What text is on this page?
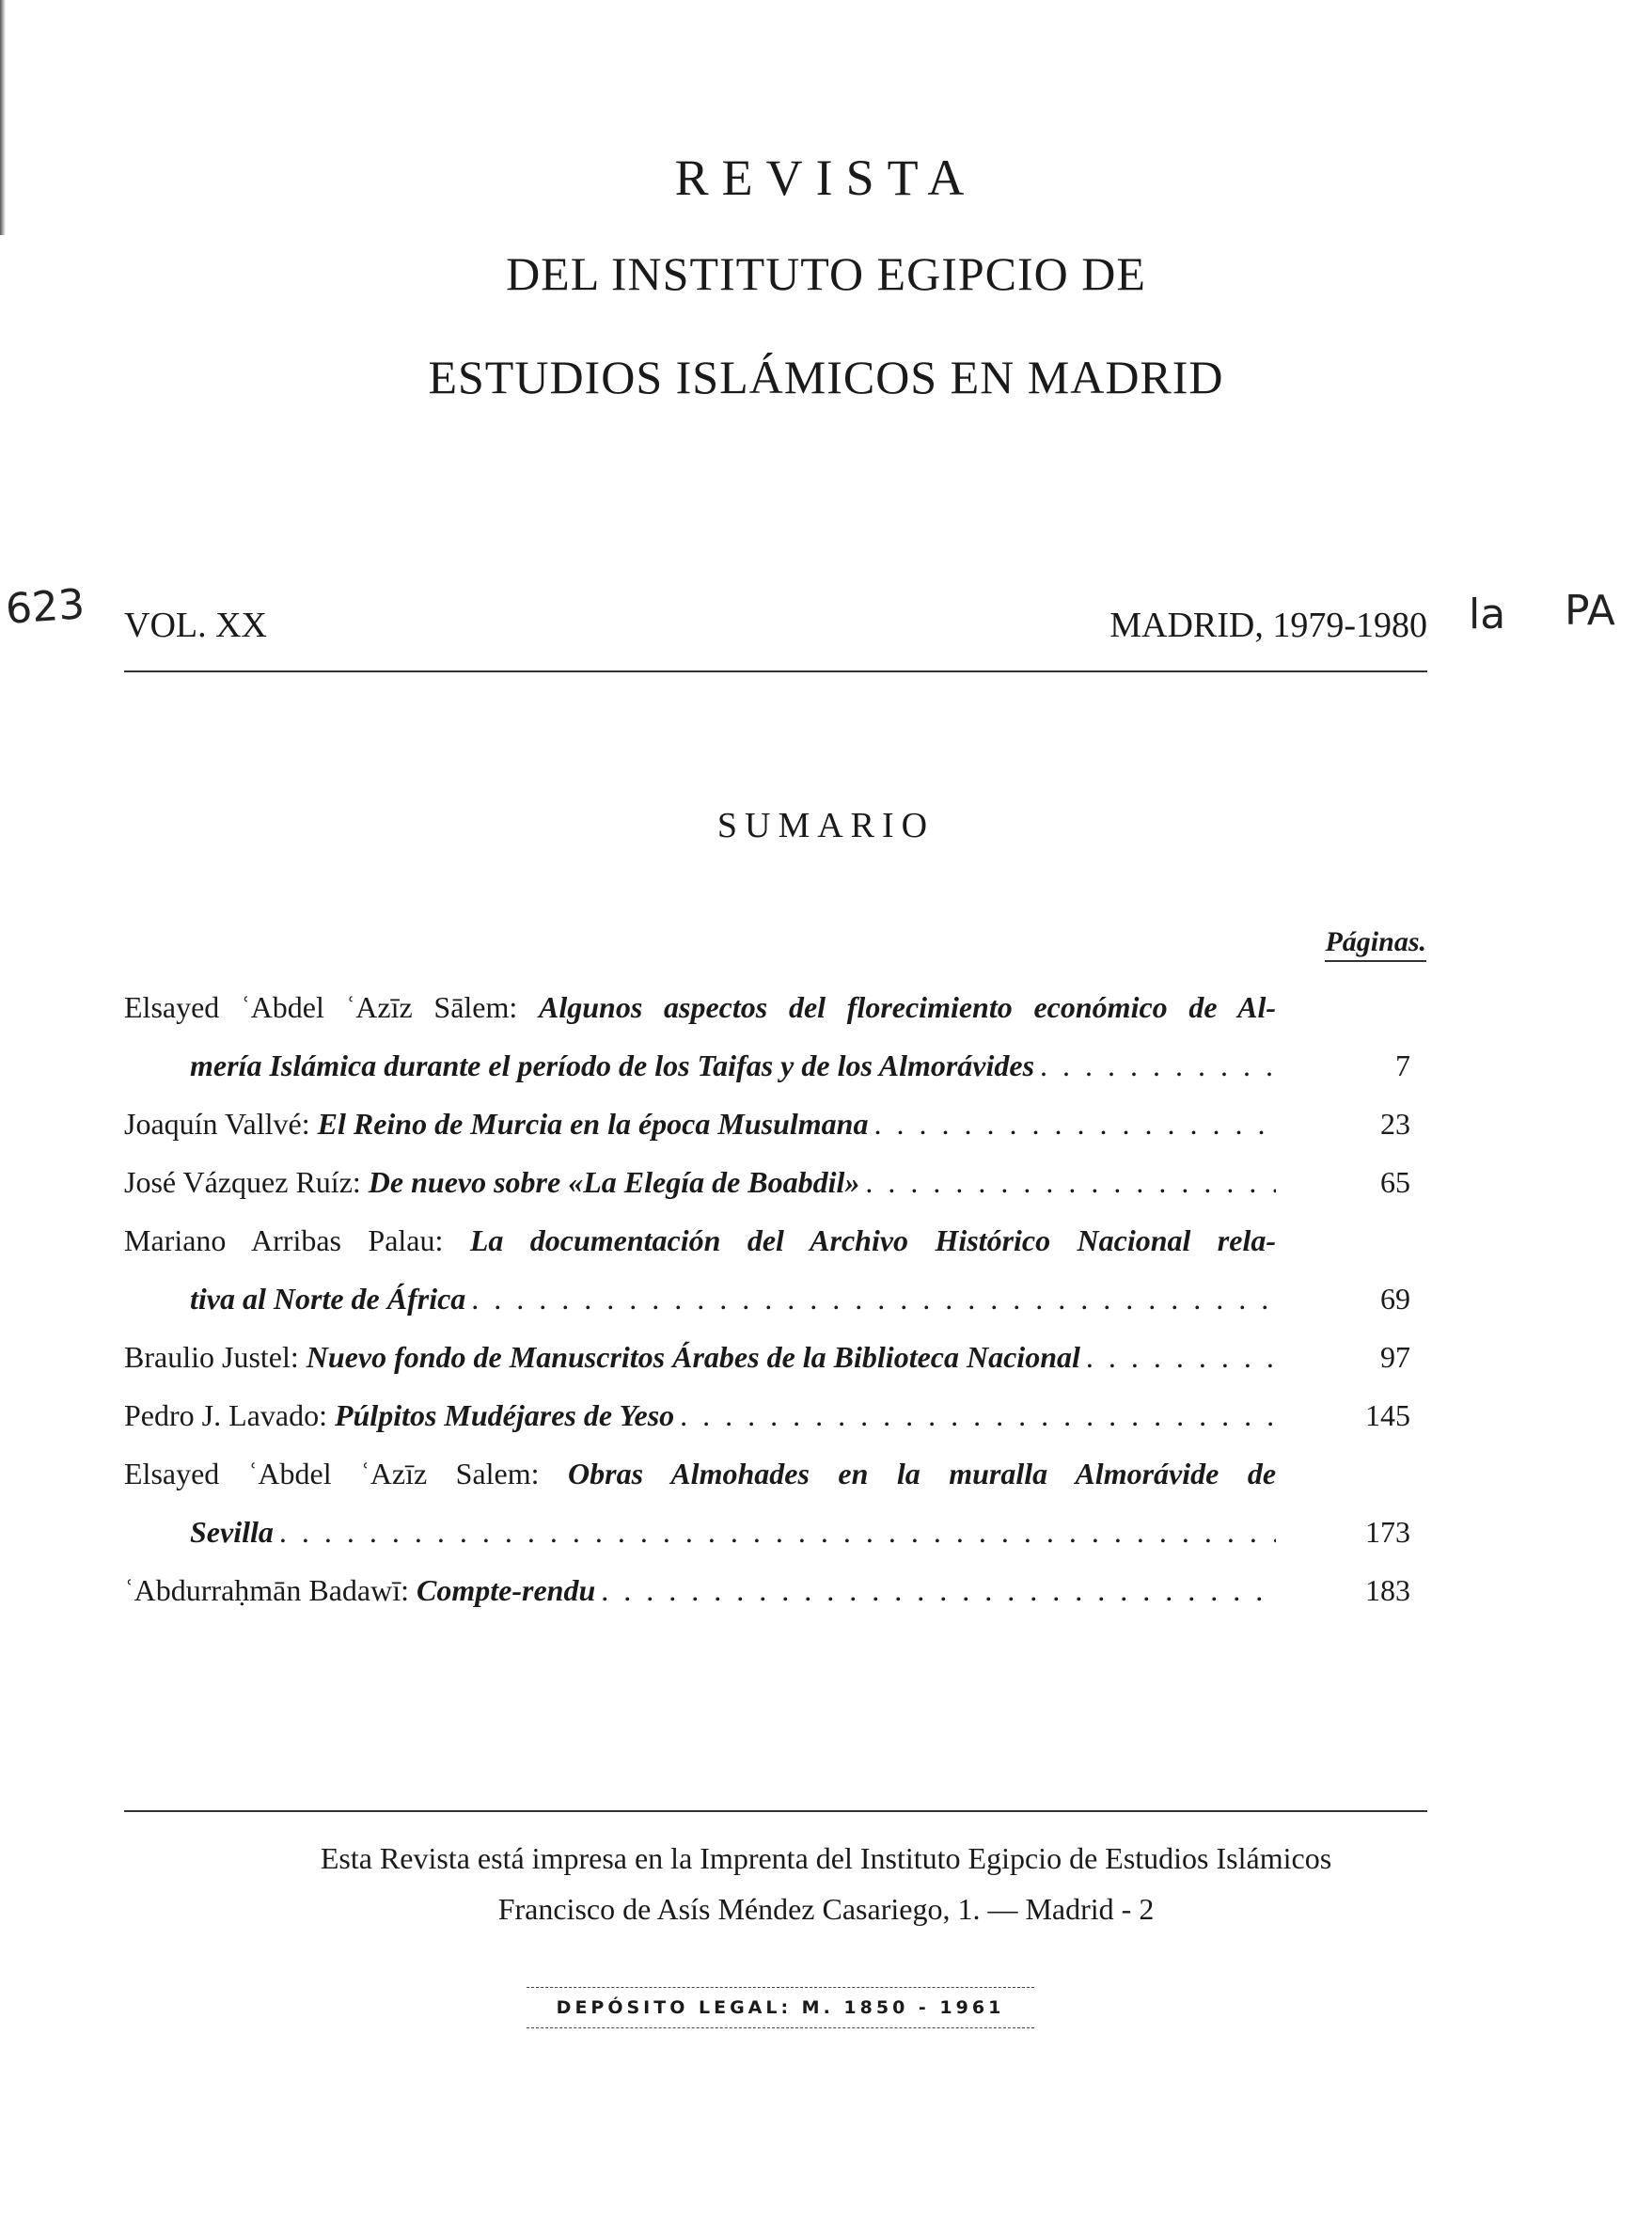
REVISTA
DEL INSTITUTO EGIPCIO DE
ESTUDIOS ISLÁMICOS EN MADRID
623	la PA
VOL. XX	MADRID, 1979-1980
SUMARIO
Páginas.
Elsayed ʿAbdel ʿAzīz Sālem: Algunos aspectos del florecimiento económico de Al-
mería Islámica durante el período de los Taifas y de los Almorávides . . .	7
Joaquín Vallvé: El Reino de Murcia en la época Musulmana . . .	23
José Vázquez Ruíz: De nuevo sobre «La Elegía de Boabdil» . . .	65
Mariano Arribas Palau: La documentación del Archivo Histórico Nacional rela-
tiva al Norte de África . . .	69
Braulio Justel: Nuevo fondo de Manuscritos Árabes de la Biblioteca Nacional . . .	97
Pedro J. Lavado: Púlpitos Mudéjares de Yeso . . .	145
Elsayed ʿAbdel ʿAzīz Salem: Obras Almohades en la muralla Almorávide de
Sevilla . . .	173
ʿAbdurraḥmān Badawī: Compte-rendu . . .	183
Esta Revista está impresa en la Imprenta del Instituto Egipcio de Estudios Islámicos
Francisco de Asís Méndez Casariego, 1. — Madrid - 2
DEPÓSITO LEGAL: M. 1850 - 1961
